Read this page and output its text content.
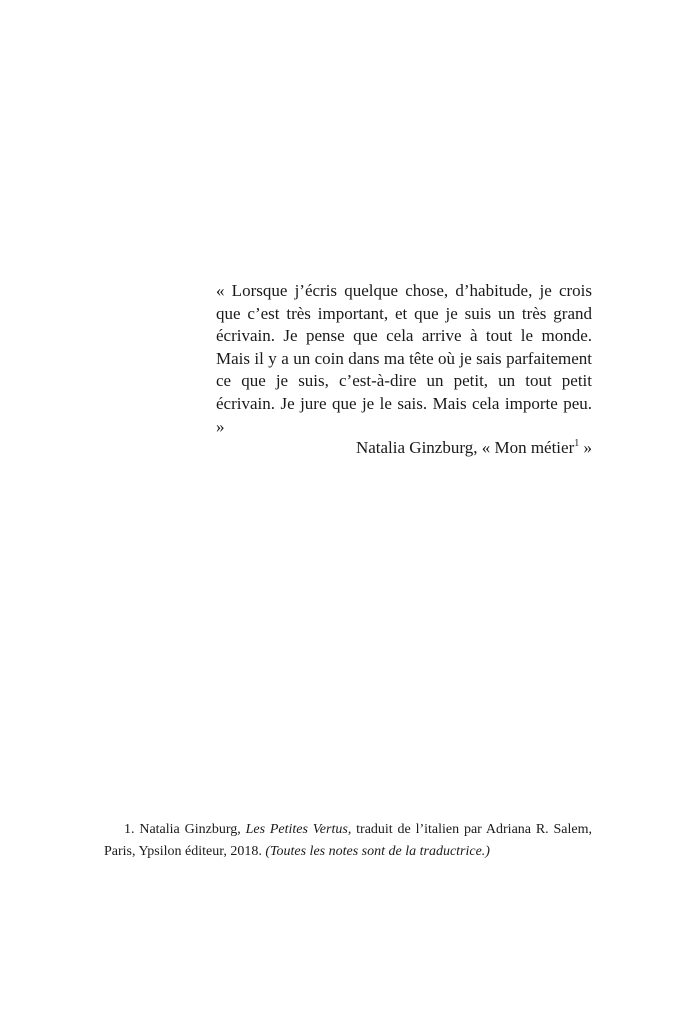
« Lorsque j’écris quelque chose, d’habitude, je crois que c’est très important, et que je suis un très grand écrivain. Je pense que cela arrive à tout le monde. Mais il y a un coin dans ma tête où je sais parfaitement ce que je suis, c’est-à-dire un petit, un tout petit écrivain. Je jure que je le sais. Mais cela importe peu. »

Natalia Ginzburg, « Mon métier$^1$ »
1. Natalia Ginzburg, Les Petites Vertus, traduit de l’italien par Adriana R. Salem, Paris, Ypsilon éditeur, 2018. (Toutes les notes sont de la traductrice.)
